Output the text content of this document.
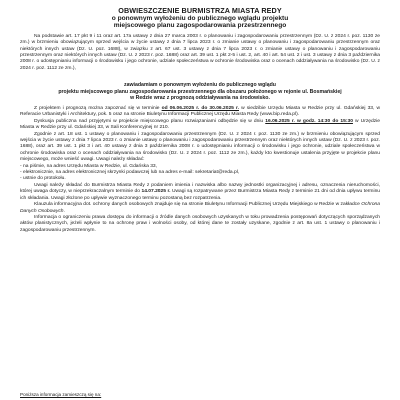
OBWIESZCZENIE BURMISTRZA MIASTA REDY
o ponownym wyłożeniu do publicznego wglądu projektu
miejscowego planu zagospodarowania przestrzennego

Na podstawie art. 17 pkt 9 i 11 oraz art. 17a ustawy z dnia 27 marca 2003 r. o planowaniu i zagospodarowaniu przestrzennym (Dz. U. z 2024 r. poz. 1130 ze zm.) w brzmieniu obowiązującym sprzed wejścia w życie ustawy z dnia 7 lipca 2023 r. o zmianie ustawy o planowaniu i zagospodarowaniu przestrzennym oraz niektórych innych ustaw (Dz. U. poz. 1688), w związku z art. 67 ust. 3 ustawy z dnia 7 lipca 2023 r. o zmianie ustawy o planowaniu i zagospodarowaniu przestrzennym oraz niektórych innych ustaw (Dz. U. z 2023 r. poz. 1688) oraz art. 39 ust. 1 pkt 2-5 i ust. 2, art. 40 i art. 54 ust. 2 i ust. 3 ustawy z dnia 3 października 2008 r. o udostępnianiu informacji o środowisku i jego ochronie, udziale społeczeństwa w ochronie środowiska oraz o ocenach oddziaływania na środowisko (Dz. U. z 2024 r. poz. 1112 ze zm.),

zawiadamiam o ponownym wyłożeniu do publicznego wglądu

projektu miejscowego planu zagospodarowania przestrzennego dla obszaru położonego w rejonie ul. Bosmańskiej

w Redzie wraz z prognozą oddziaływania na środowisko.

Z projektem i prognozą można zapoznać się w terminie od 06.06.2025 r. do 30.06.2025 r. w siedzibie Urzędu Miasta w Redzie przy ul. Gdańskiej 33, w Referacie Urbanistyki i Architektury, pok. 5 oraz na stronie Biuletynu Informacji Publicznej Urzędu Miasta Redy (www.bip.reda.pl).

Dyskusja publiczna nad przyjętymi w projekcie miejscowego planu rozwiązaniami odbędzie się w dniu 16.06.2025 r. w godz. 14:30 do 15:30 w Urzędzie Miasta w Redzie przy ul. Gdańskiej 33, w Sali Konferencyjnej nr 210.

Zgodnie z art. 18 ust. 1 ustawy o planowaniu i zagospodarowaniu przestrzennym (Dz. U. z 2024 r. poz. 1130 ze zm.) w brzmieniu obowiązującym sprzed wejścia w życie ustawy z dnia 7 lipca 2023 r. o zmianie ustawy o planowaniu i zagospodarowaniu przestrzennym oraz niektórych innych ustaw (Dz. U. z 2023 r. poz. 1688), oraz art. 39 ust. 1 pkt 3 i art. 40 ustawy z dnia 3 października 2008 r. o udostępnianiu informacji o środowisku i jego ochronie, udziale społeczeństwa w ochronie środowiska oraz o ocenach oddziaływania na środowisko (Dz. U. z 2024 r. poz. 1112 ze zm.), każdy kto kwestionuje ustalenia przyjęte w projekcie planu miejscowego, może wnieść uwagi. Uwagi należy składać:

- na piśmie, na adres Urzędu Miasta w Redzie, ul. Gdańska 33,

- elektronicznie, na adres elektronicznej skrzynki podawczej lub na adres e-mail: sekretariat@reda.pl,

- ustnie do protokołu.

Uwagi należy składać do Burmistrza Miasta Redy z podaniem imienia i nazwiska albo nazwy jednostki organizacyjnej i adresu, oznaczenia nieruchomości, której uwaga dotyczy, w nieprzekraczalnym terminie do 14.07.2025 r. Uwagi są rozpatrywane przez Burmistrza Miasta Redy z terminie 21 dni od dnia upływu terminu ich składania. Uwagi złożone po upływie wyznaczonego terminu pozostaną bez rozpatrzenia.

Klauzula informacyjna dot. ochrony danych osobowych znajduje się na stronie Biuletynu Informacji Publicznej Urzędu Miejskiego w Redzie w zakładce Ochrona Danych Osobowych.

Informacja o ograniczeniu prawa dostępu do informacji o źródle danych osobowych uzyskanych w toku prowadzenia postępowań dotyczących sporządzanych aktów planistycznych, jeżeli wpłynie to na ochronę praw i wolności osoby, od której dane te zostały uzyskane, zgodnie z art. 8a ust. 1 ustawy o planowaniu i zagospodarowaniu przestrzennym.

Poniższa informacja zamieszczą się na:
